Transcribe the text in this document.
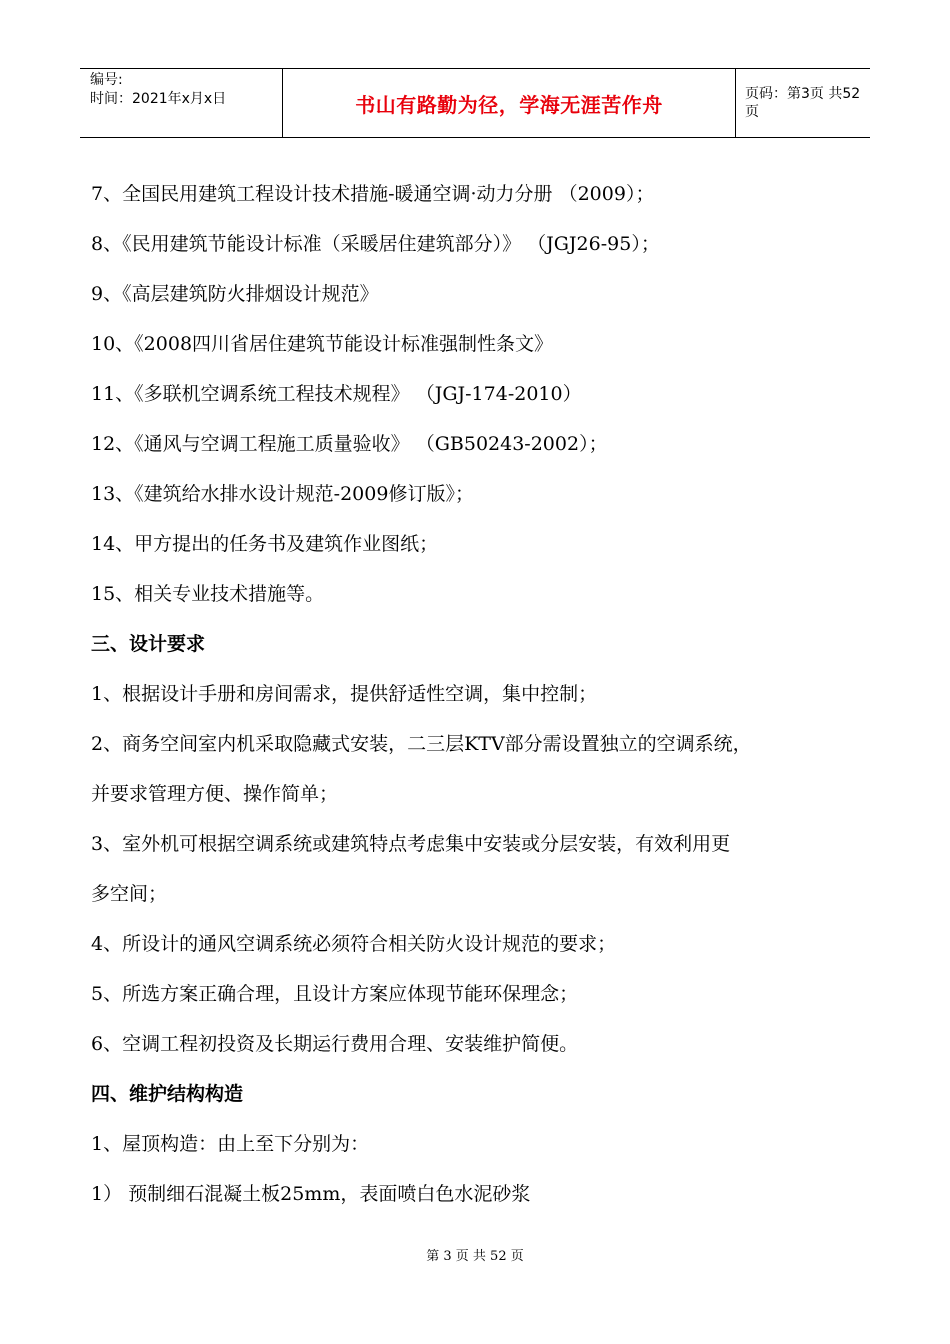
编号:
时间：2021年x月x日	书山有路勤为径，学海无涯苦作舟	页码：第3页 共52页
7、全国民用建筑工程设计技术措施-暖通空调·动力分册 （2009）；
8、《民用建筑节能设计标准（采暖居住建筑部分）》 （JGJ26-95）；
9、《高层建筑防火排烟设计规范》
10、《2008四川省居住建筑节能设计标准强制性条文》
11、《多联机空调系统工程技术规程》 （JGJ-174-2010）
12、《通风与空调工程施工质量验收》 （GB50243-2002）；
13、《建筑给水排水设计规范-2009修订版》；
14、甲方提出的任务书及建筑作业图纸；
15、相关专业技术措施等。
三、设计要求
1、根据设计手册和房间需求，提供舒适性空调，集中控制；
2、商务空间室内机采取隐藏式安装，二三层KTV部分需设置独立的空调系统，
并要求管理方便、操作简单；
3、室外机可根据空调系统或建筑特点考虑集中安装或分层安装，有效利用更
多空间；
4、所设计的通风空调系统必须符合相关防火设计规范的要求；
5、所选方案正确合理，且设计方案应体现节能环保理念；
6、空调工程初投资及长期运行费用合理、安装维护简便。
四、维护结构构造
1、屋顶构造：由上至下分别为：
1） 预制细石混凝土板25mm，表面喷白色水泥砂浆
第 3 页 共 52 页
